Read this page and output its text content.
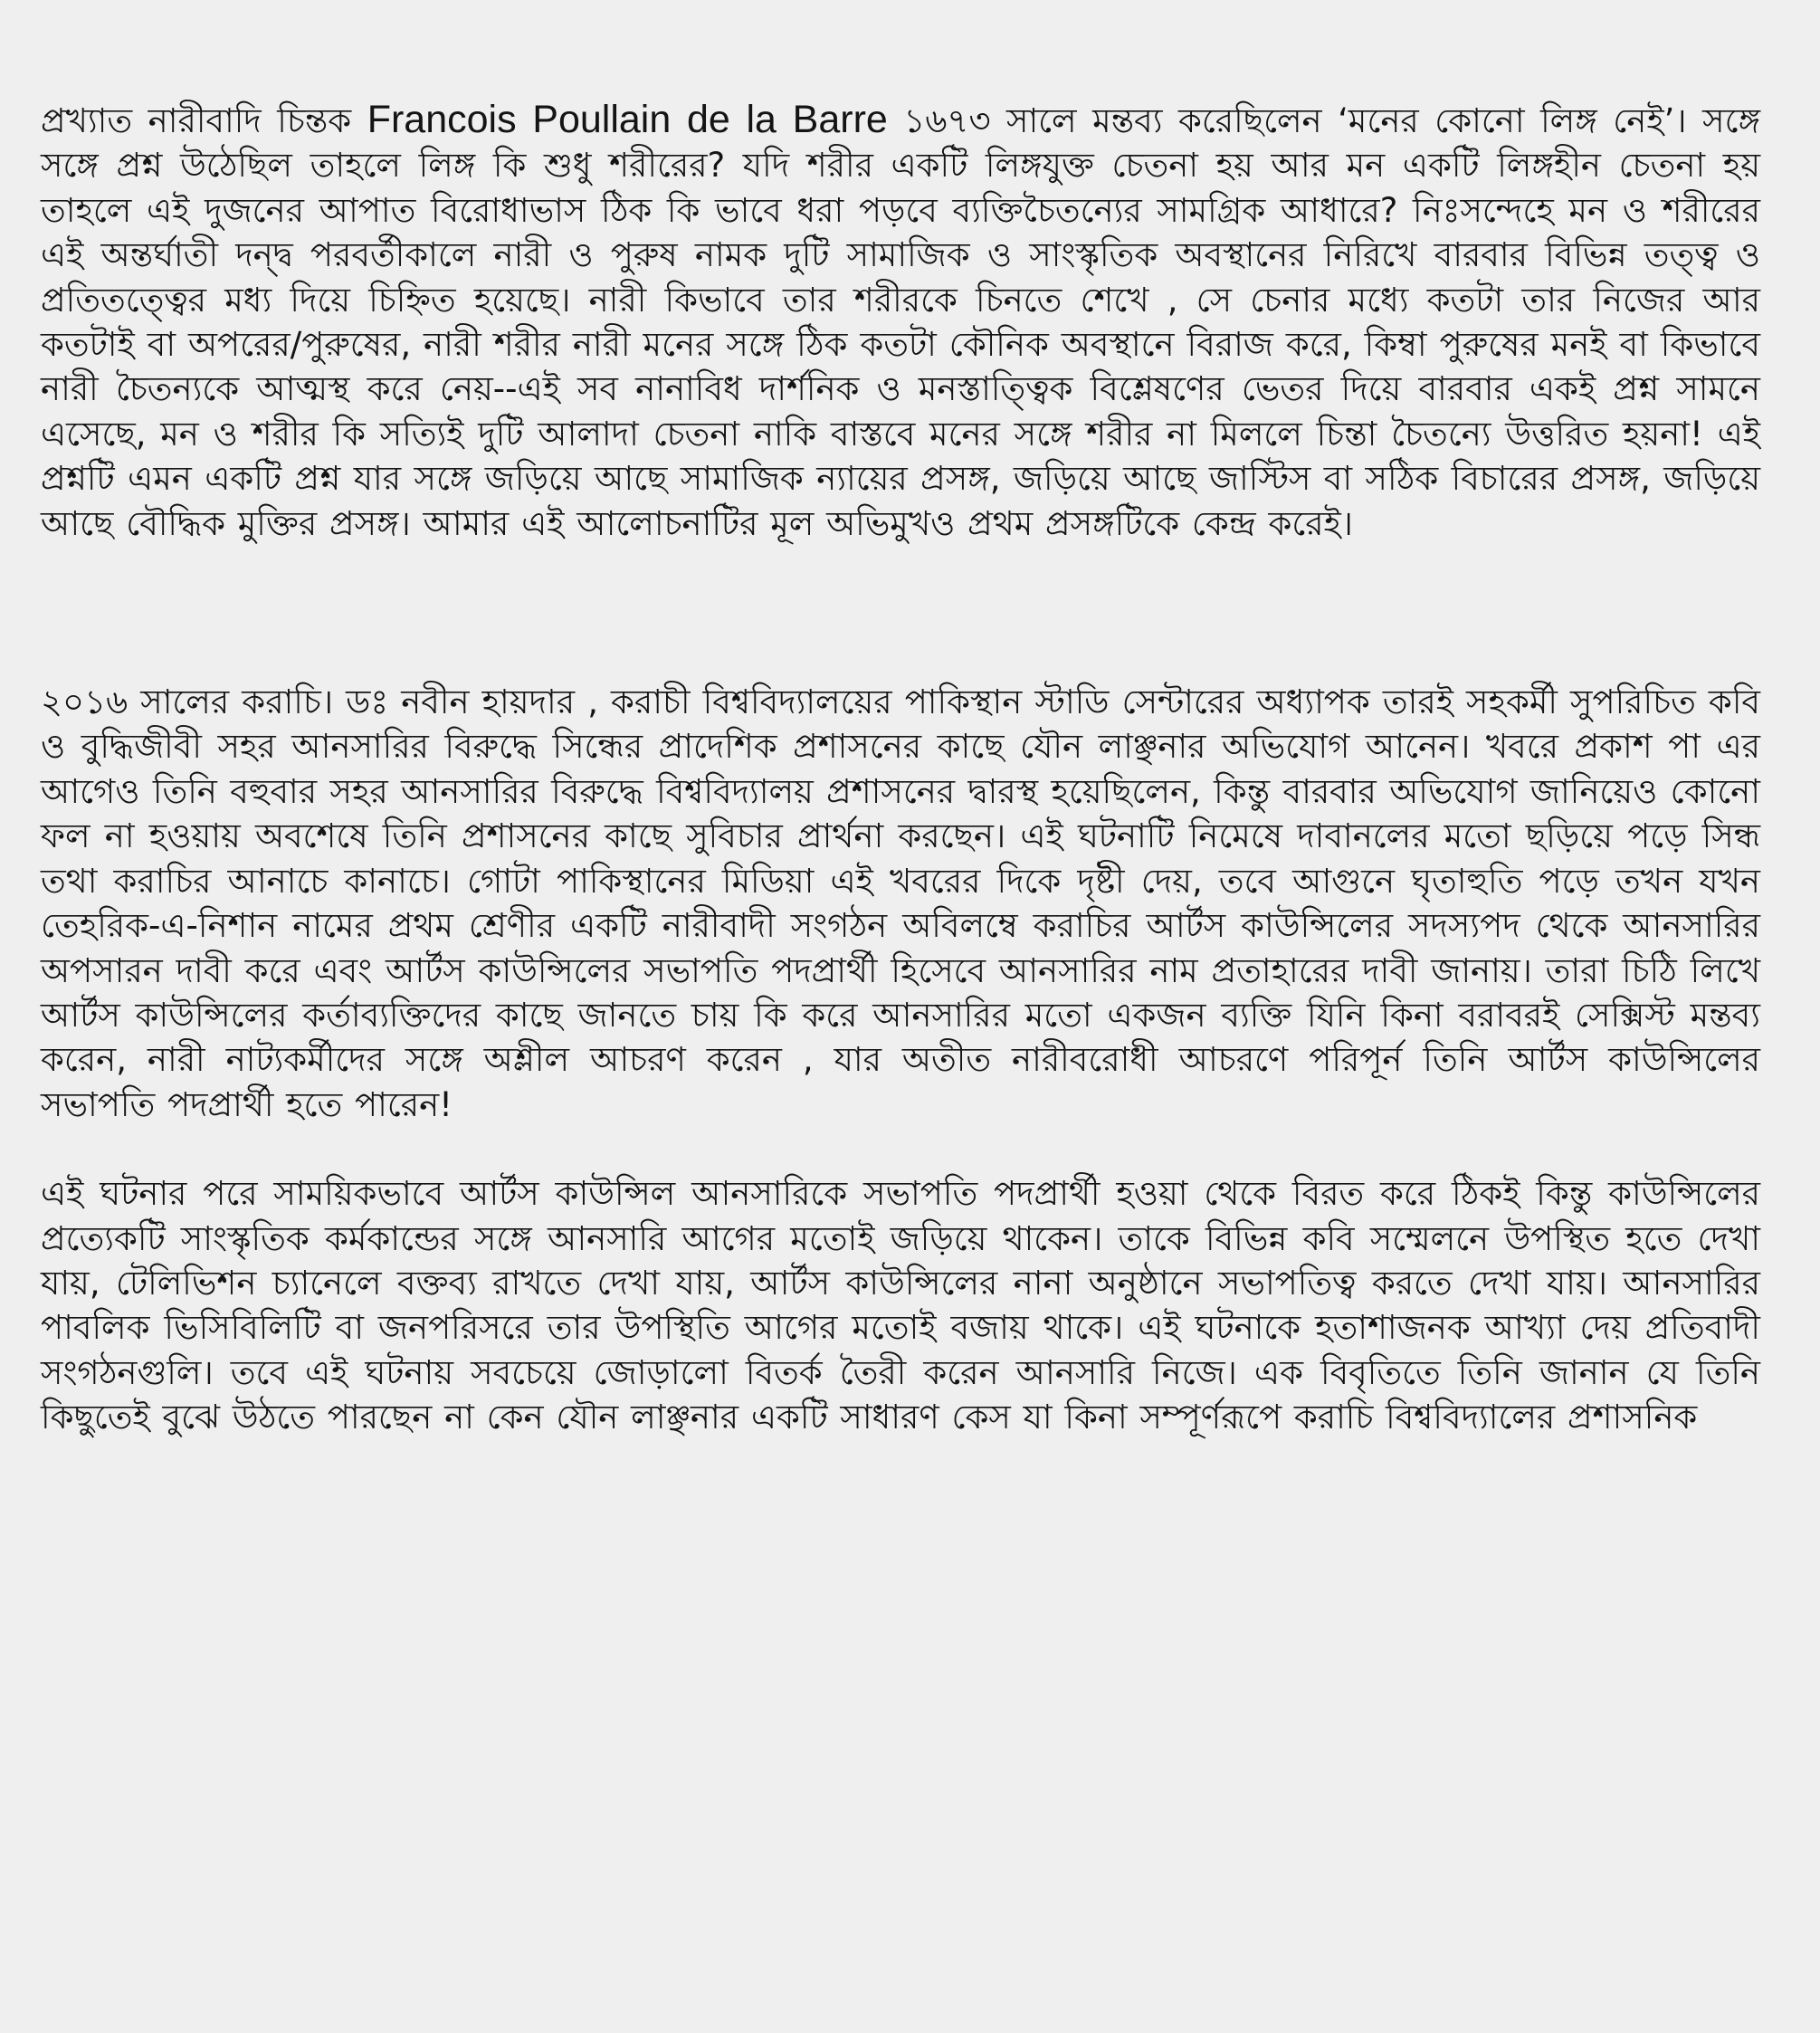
প্রখ্যাত নারীবাদি চিন্তক Francois Poullain de la Barre ১৬৭৩ সালে মন্তব্য করেছিলেন ‘মনের কোনো লিঙ্গ নেই’। সঙ্গে সঙ্গে প্রশ্ন উঠেছিল তাহলে লিঙ্গ কি শুধু শরীরের? যদি শরীর একটি লিঙ্গযুক্ত চেতনা হয় আর মন একটি লিঙ্গহীন চেতনা হয় তাহলে এই দুজনের আপাত বিরোধাভাস ঠিক কি ভাবে ধরা পড়বে ব্যক্তিচৈতন্যের সামগ্রিক আধারে? নিঃসন্দেহে মন ও শরীরের এই অন্তর্ঘাতী দন্দ্ব পরবর্তীকালে নারী ও পুরুষ নামক দুটি সামাজিক ও সাংস্কৃতিক অবস্থানের নিরিখে বারবার বিভিন্ন তত্ত্ব ও প্রতিতত্ত্বের মধ্য দিয়ে চিহ্নিত হয়েছে। নারী কিভাবে তার শরীরকে চিনতে শেখে , সে চেনার মধ্যে কতটা তার নিজের আর কতটাই বা অপরের/পুরুষের, নারী শরীর নারী মনের সঙ্গে ঠিক কতটা কৌনিক অবস্থানে বিরাজ করে, কিম্বা পুরুষের মনই বা কিভাবে নারী চৈতন্যকে আত্মস্থ করে নেয়--এই সব নানাবিধ দার্শনিক ও মনস্তাত্ত্বিক বিশ্লেষণের ভেতর দিয়ে বারবার একই প্রশ্ন সামনে এসেছে, মন ও শরীর কি সত্যিই দুটি আলাদা চেতনা নাকি বাস্তবে মনের সঙ্গে শরীর না মিললে চিন্তা চৈতন্যে উত্তরিত হয়না! এই প্রশ্নটি এমন একটি প্রশ্ন যার সঙ্গে জড়িয়ে আছে সামাজিক ন্যায়ের প্রসঙ্গ, জড়িয়ে আছে জাস্টিস বা সঠিক বিচারের প্রসঙ্গ, জড়িয়ে আছে বৌদ্ধিক মুক্তির প্রসঙ্গ। আমার এই আলোচনাটির মূল অভিমুখও প্রথম প্রসঙ্গটিকে কেন্দ্র করেই।

২০১৬ সালের করাচি। ডঃ নবীন হায়দার , করাচী বিশ্ববিদ্যালয়ের পাকিস্থান স্টাডি সেন্টারের অধ্যাপক তারই সহকর্মী সুপরিচিত কবি ও বুদ্ধিজীবী সহর আনসারির বিরুদ্ধে সিন্ধের প্রাদেশিক প্রশাসনের কাছে যৌন লাঞ্ছনার অভিযোগ আনেন। খবরে প্রকাশ পা এর আগেও তিনি বহুবার সহর আনসারির বিরুদ্ধে বিশ্ববিদ্যালয় প্রশাসনের দ্বারস্থ হয়েছিলেন, কিন্তু বারবার অভিযোগ জানিয়েও কোনো ফল না হওয়ায় অবশেষে তিনি প্রশাসনের কাছে সুবিচার প্রার্থনা করছেন। এই ঘটনাটি নিমেষে দাবানলের মতো ছড়িয়ে পড়ে সিন্ধ তথা করাচির আনাচে কানাচে। গোটা পাকিস্থানের মিডিয়া এই খবরের দিকে দৃষ্টী দেয়, তবে আগুনে ঘৃতাহুতি পড়ে তখন যখন তেহরিক-এ-নিশান নামের প্রথম শ্রেণীর একটি নারীবাদী সংগঠন অবিলম্বে করাচির আর্টস কাউন্সিলের সদস্যপদ থেকে আনসারির অপসারন দাবী করে এবং আর্টস কাউন্সিলের সভাপতি পদপ্রার্থী হিসেবে আনসারির নাম প্রতাহারের দাবী জানায়। তারা চিঠি লিখে আর্টস কাউন্সিলের কর্তাব্যক্তিদের কাছে জানতে চায় কি করে আনসারির মতো একজন ব্যক্তি যিনি কিনা বরাবরই সেক্সিস্ট মন্তব্য করেন, নারী নাট্যকর্মীদের সঙ্গে অশ্লীল আচরণ করেন , যার অতীত নারীবরোধী আচরণে পরিপূর্ন তিনি আর্টস কাউন্সিলের সভাপতি পদপ্রার্থী হতে পারেন!

এই ঘটনার পরে সাময়িকভাবে আর্টস কাউন্সিল আনসারিকে সভাপতি পদপ্রার্থী হওয়া থেকে বিরত করে ঠিকই কিন্তু কাউন্সিলের প্রত্যেকটি সাংস্কৃতিক কর্মকান্ডের সঙ্গে আনসারি আগের মতোই জড়িয়ে থাকেন। তাকে বিভিন্ন কবি সম্মেলনে উপস্থিত হতে দেখা যায়, টেলিভিশন চ্যানেলে বক্তব্য রাখতে দেখা যায়, আর্টস কাউন্সিলের নানা অনুষ্ঠানে সভাপতিত্ব করতে দেখা যায়। আনসারির পাবলিক ভিসিবিলিটি বা জনপরিসরে তার উপস্থিতি আগের মতোই বজায় থাকে। এই ঘটনাকে হতাশাজনক আখ্যা দেয় প্রতিবাদী সংগঠনগুলি। তবে এই ঘটনায় সবচেয়ে জোড়ালো বিতর্ক তৈরী করেন আনসারি নিজে। এক বিবৃতিতে তিনি জানান যে তিনি কিছুতেই বুঝে উঠতে পারছেন না কেন যৌন লাঞ্ছনার একটি সাধারণ কেস যা কিনা সম্পূর্ণরূপে করাচি বিশ্ববিদ্যালের প্রশাসনিক
